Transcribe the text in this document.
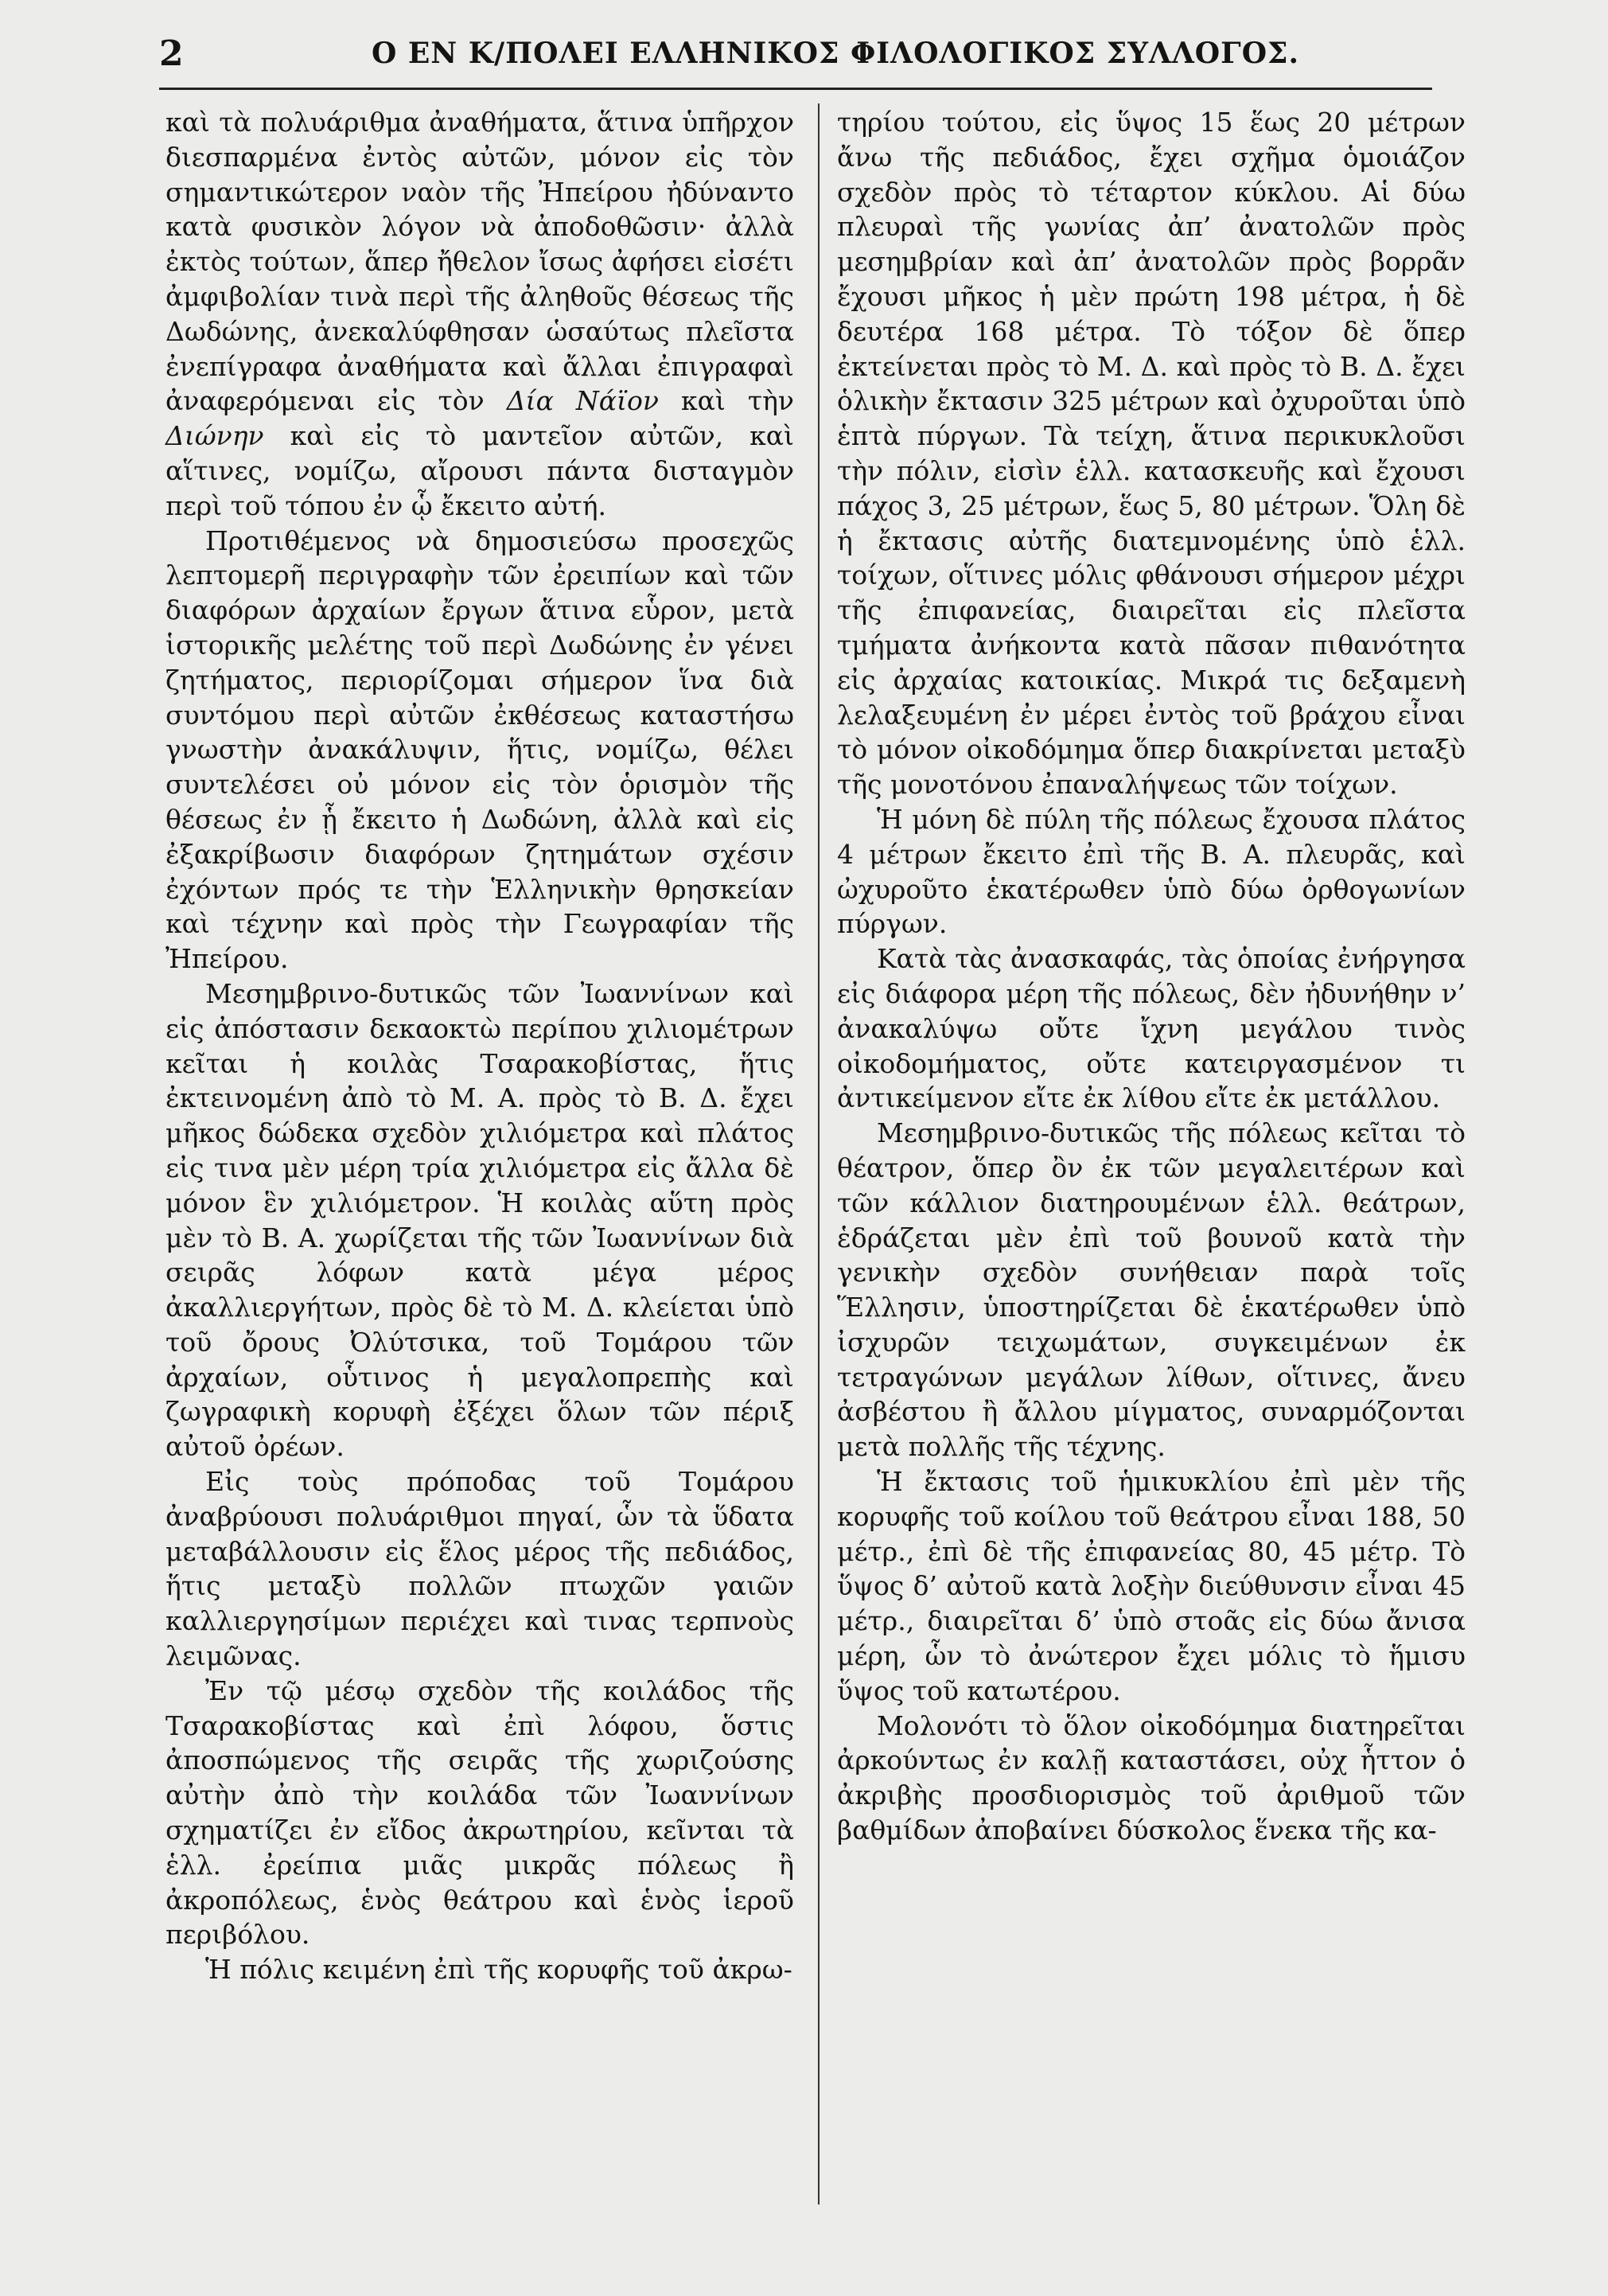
2	Ο ΕΝ Κ/ΠΟΛΕΙ ΕΛΛΗΝΙΚΟΣ ΦΙΛΟΛΟΓΙΚΟΣ ΣΥΛΛΟΓΟΣ.

καὶ τὰ πολυάριθμα ἀναθήματα, ἅτινα ὑπῆρχον διεσπαρμένα ἐντὸς αὐτῶν, μόνον εἰς τὸν σημαντικώτερον ναὸν τῆς Ἠπείρου ἠδύναντο κατὰ φυσικὸν λόγον νὰ ἀποδοθῶσιν· ἀλλὰ ἐκτὸς τούτων, ἅπερ ἤθελον ἴσως ἀφήσει εἰσέτι ἀμφιβολίαν τινὰ περὶ τῆς ἀληθοῦς θέσεως τῆς Δωδώνης, ἀνεκαλύφθησαν ὡσαύτως πλεῖστα ἐνεπίγραφα ἀναθήματα καὶ ἄλλαι ἐπιγραφαὶ ἀναφερόμεναι εἰς τὸν Δία Νάϊον καὶ τὴν Διώνην καὶ εἰς τὸ μαντεῖον αὐτῶν, καὶ αἵτινες, νομίζω, αἴρουσι πάντα δισταγμὸν περὶ τοῦ τόπου ἐν ᾧ ἔκειτο αὐτή.

Προτιθέμενος νὰ δημοσιεύσω προσεχῶς λεπτομερῆ περιγραφὴν τῶν ἐρειπίων καὶ τῶν διαφόρων ἀρχαίων ἔργων ἅτινα εὗρον, μετὰ ἱστορικῆς μελέτης τοῦ περὶ Δωδώνης ἐν γένει ζητήματος, περιορίζομαι σήμερον ἵνα διὰ συντόμου περὶ αὐτῶν ἐκθέσεως καταστήσω γνωστὴν ἀνακάλυψιν, ἥτις, νομίζω, θέλει συντελέσει οὐ μόνον εἰς τὸν ὁρισμὸν τῆς θέσεως ἐν ᾗ ἔκειτο ἡ Δωδώνη, ἀλλὰ καὶ εἰς ἐξακρίβωσιν διαφόρων ζητημάτων σχέσιν ἐχόντων πρός τε τὴν Ἑλληνικὴν θρησκείαν καὶ τέχνην καὶ πρὸς τὴν Γεωγραφίαν τῆς Ἠπείρου.

Μεσημβρινο-δυτικῶς τῶν Ἰωαννίνων καὶ εἰς ἀπόστασιν δεκαοκτὼ περίπου χιλιομέτρων κεῖται ἡ κοιλὰς Τσαρακοβίστας, ἥτις ἐκτεινομένη ἀπὸ τὸ Μ. Α. πρὸς τὸ Β. Δ. ἔχει μῆκος δώδεκα σχεδὸν χιλιόμετρα καὶ πλάτος εἰς τινα μὲν μέρη τρία χιλιόμετρα εἰς ἄλλα δὲ μόνον ἓν χιλιόμετρον. Ἡ κοιλὰς αὕτη πρὸς μὲν τὸ Β. Α. χωρίζεται τῆς τῶν Ἰωαννίνων διὰ σειρᾶς λόφων κατὰ μέγα μέρος ἀκαλλιεργήτων, πρὸς δὲ τὸ Μ. Δ. κλείεται ὑπὸ τοῦ ὄρους Ὀλύτσικα, τοῦ Τομάρου τῶν ἀρχαίων, οὗτινος ἡ μεγαλοπρεπὴς καὶ ζωγραφικὴ κορυφὴ ἐξέχει ὅλων τῶν πέριξ αὐτοῦ ὀρέων.

Εἰς τοὺς πρόποδας τοῦ Τομάρου ἀναβρύουσι πολυάριθμοι πηγαί, ὧν τὰ ὕδατα μεταβάλλουσιν εἰς ἕλος μέρος τῆς πεδιάδος, ἥτις μεταξὺ πολλῶν πτωχῶν γαιῶν καλλιεργησίμων περιέχει καὶ τινας τερπνοὺς λειμῶνας.

Ἐν τῷ μέσῳ σχεδὸν τῆς κοιλάδος τῆς Τσαρακοβίστας καὶ ἐπὶ λόφου, ὅστις ἀποσπώμενος τῆς σειρᾶς τῆς χωριζούσης αὐτὴν ἀπὸ τὴν κοιλάδα τῶν Ἰωαννίνων σχηματίζει ἐν εἴδος ἀκρωτηρίου, κεῖνται τὰ ἑλλ. ἐρείπια μιᾶς μικρᾶς πόλεως ἢ ἀκροπόλεως, ἑνὸς θεάτρου καὶ ἑνὸς ἱεροῦ περιβόλου.

Ἡ πόλις κειμένη ἐπὶ τῆς κορυφῆς τοῦ ἀκρω-

τηρίου τούτου, εἰς ὕψος 15 ἕως 20 μέτρων ἄνω τῆς πεδιάδος, ἔχει σχῆμα ὁμοιάζον σχεδὸν πρὸς τὸ τέταρτον κύκλου. Αἱ δύω πλευραὶ τῆς γωνίας ἀπ’ ἀνατολῶν πρὸς μεσημβρίαν καὶ ἀπ’ ἀνατολῶν πρὸς βορρᾶν ἔχουσι μῆκος ἡ μὲν πρώτη 198 μέτρα, ἡ δὲ δευτέρα 168 μέτρα. Τὸ τόξον δὲ ὅπερ ἐκτείνεται πρὸς τὸ Μ. Δ. καὶ πρὸς τὸ Β. Δ. ἔχει ὁλικὴν ἔκτασιν 325 μέτρων καὶ ὀχυροῦται ὑπὸ ἑπτὰ πύργων. Τὰ τείχη, ἅτινα περικυκλοῦσι τὴν πόλιν, εἰσὶν ἑλλ. κατασκευῆς καὶ ἔχουσι πάχος 3, 25 μέτρων, ἕως 5, 80 μέτρων. Ὅλη δὲ ἡ ἔκτασις αὐτῆς διατεμνομένης ὑπὸ ἑλλ. τοίχων, οἵτινες μόλις φθάνουσι σήμερον μέχρι τῆς ἐπιφανείας, διαιρεῖται εἰς πλεῖστα τμήματα ἀνήκοντα κατὰ πᾶσαν πιθανότητα εἰς ἀρχαίας κατοικίας. Μικρά τις δεξαμενὴ λελαξευμένη ἐν μέρει ἐντὸς τοῦ βράχου εἶναι τὸ μόνον οἰκοδόμημα ὅπερ διακρίνεται μεταξὺ τῆς μονοτόνου ἐπαναλήψεως τῶν τοίχων.

Ἡ μόνη δὲ πύλη τῆς πόλεως ἔχουσα πλάτος 4 μέτρων ἔκειτο ἐπὶ τῆς Β. Α. πλευρᾶς, καὶ ὠχυροῦτο ἑκατέρωθεν ὑπὸ δύω ὀρθογωνίων πύργων.

Κατὰ τὰς ἀνασκαφάς, τὰς ὁποίας ἐνήργησα εἰς διάφορα μέρη τῆς πόλεως, δὲν ἠδυνήθην ν’ ἀνακαλύψω οὔτε ἴχνη μεγάλου τινὸς οἰκοδομήματος, οὔτε κατειργασμένον τι ἀντικείμενον εἴτε ἐκ λίθου εἴτε ἐκ μετάλλου.

Μεσημβρινο-δυτικῶς τῆς πόλεως κεῖται τὸ θέατρον, ὅπερ ὂν ἐκ τῶν μεγαλειτέρων καὶ τῶν κάλλιον διατηρουμένων ἑλλ. θεάτρων, ἑδράζεται μὲν ἐπὶ τοῦ βουνοῦ κατὰ τὴν γενικὴν σχεδὸν συνήθειαν παρὰ τοῖς Ἕλλησιν, ὑποστηρίζεται δὲ ἑκατέρωθεν ὑπὸ ἰσχυρῶν τειχωμάτων, συγκειμένων ἐκ τετραγώνων μεγάλων λίθων, οἵτινες, ἄνευ ἀσβέστου ἢ ἄλλου μίγματος, συναρμόζονται μετὰ πολλῆς τῆς τέχνης.

Ἡ ἔκτασις τοῦ ἡμικυκλίου ἐπὶ μὲν τῆς κορυφῆς τοῦ κοίλου τοῦ θεάτρου εἶναι 188, 50 μέτρ., ἐπὶ δὲ τῆς ἐπιφανείας 80, 45 μέτρ. Τὸ ὕψος δ’ αὐτοῦ κατὰ λοξὴν διεύθυνσιν εἶναι 45 μέτρ., διαιρεῖται δ’ ὑπὸ στοᾶς εἰς δύω ἄνισα μέρη, ὧν τὸ ἀνώτερον ἔχει μόλις τὸ ἥμισυ ὕψος τοῦ κατωτέρου.

Μολονότι τὸ ὅλον οἰκοδόμημα διατηρεῖται ἀρκούντως ἐν καλῇ καταστάσει, οὐχ ἧττον ὁ ἀκριβὴς προσδιορισμὸς τοῦ ἀριθμοῦ τῶν βαθμίδων ἀποβαίνει δύσκολος ἕνεκα τῆς κα-
